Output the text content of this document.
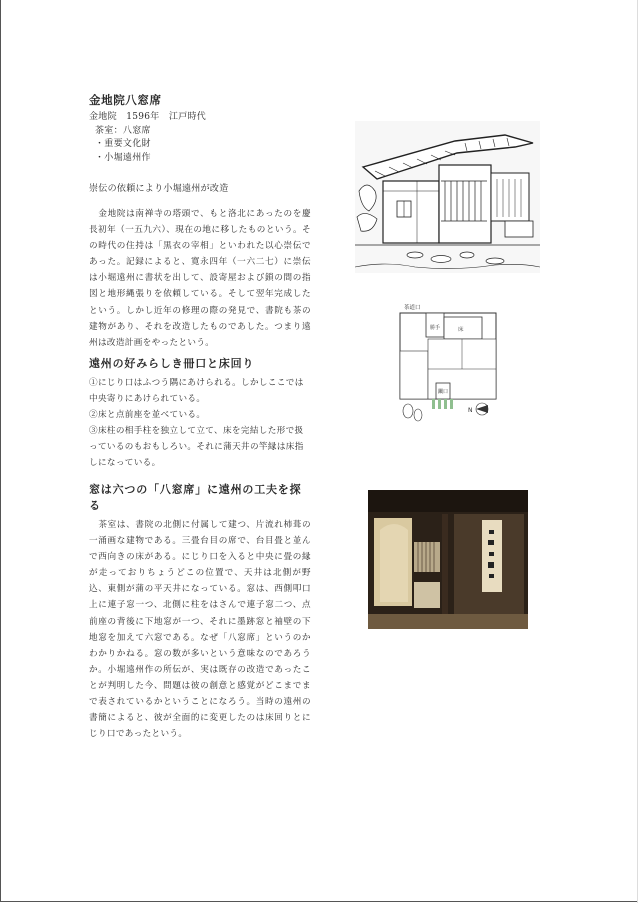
金地院八窓席
金地院　1596年　江戸時代
茶室：八窓席
・重要文化財
・小堀遠州作
崇伝の依頼により小堀遠州が改造

金地院は南禅寺の塔頭で、もと洛北にあったのを慶長初年（一五九六）、現在の地に移したものという。その時代の住持は「黒衣の宰相」といわれた以心崇伝であった。記録によると、寛永四年（一六二七）に崇伝は小堀遠州に書状を出して、設寄屋および鎖の間の指図と地形縄張りを依頼している。そして翌年完成したという。しかし近年の修理の際の発見で、書院も茶の建物があり、それを改造したものであした。つまり遠州は改造計画をやったという。

遠州の好みらしき冊口と床回り

①にじり口はふつう隅にあけられる。しかしここでは中央寄りにあけられている。

②床と点前座を並べている。

③床柱の相手柱を独立して立て、床を完結した形で扱っているのもおもしろい。それに蒲天井の竿縁は床指しになっている。

窓は六つの「八窓席」に遠州の工夫を探る

茶室は、書院の北側に付属して建つ、片流れ杮葺の一涌画な建物である。三畳台目の席で、台目畳と並んで西向きの床がある。にじり口を入ると中央に畳の縁が走っておりちょうどこの位置で、天井は北側が野込、東側が蒲の平天井になっている。窓は、西側叩口上に連子窓一つ、北側に柱をはさんで連子窓二つ、点前座の背後に下地窓が一つ、それに墨跡窓と袖壁の下地窓を加えて六窓である。なぜ「八窓席」というのかわかりかねる。窓の数が多いという意味なのであろうか。小堀遠州作の所伝が、実は既存の改造であったことが判明した今、問題は彼の創意と感覚がどこまでまで表されているかということになろう。当時の遠州の書簡によると、彼が全面的に変更したのは床回りとにじり口であったという。

N
茶道口
勝手	床
躙口
